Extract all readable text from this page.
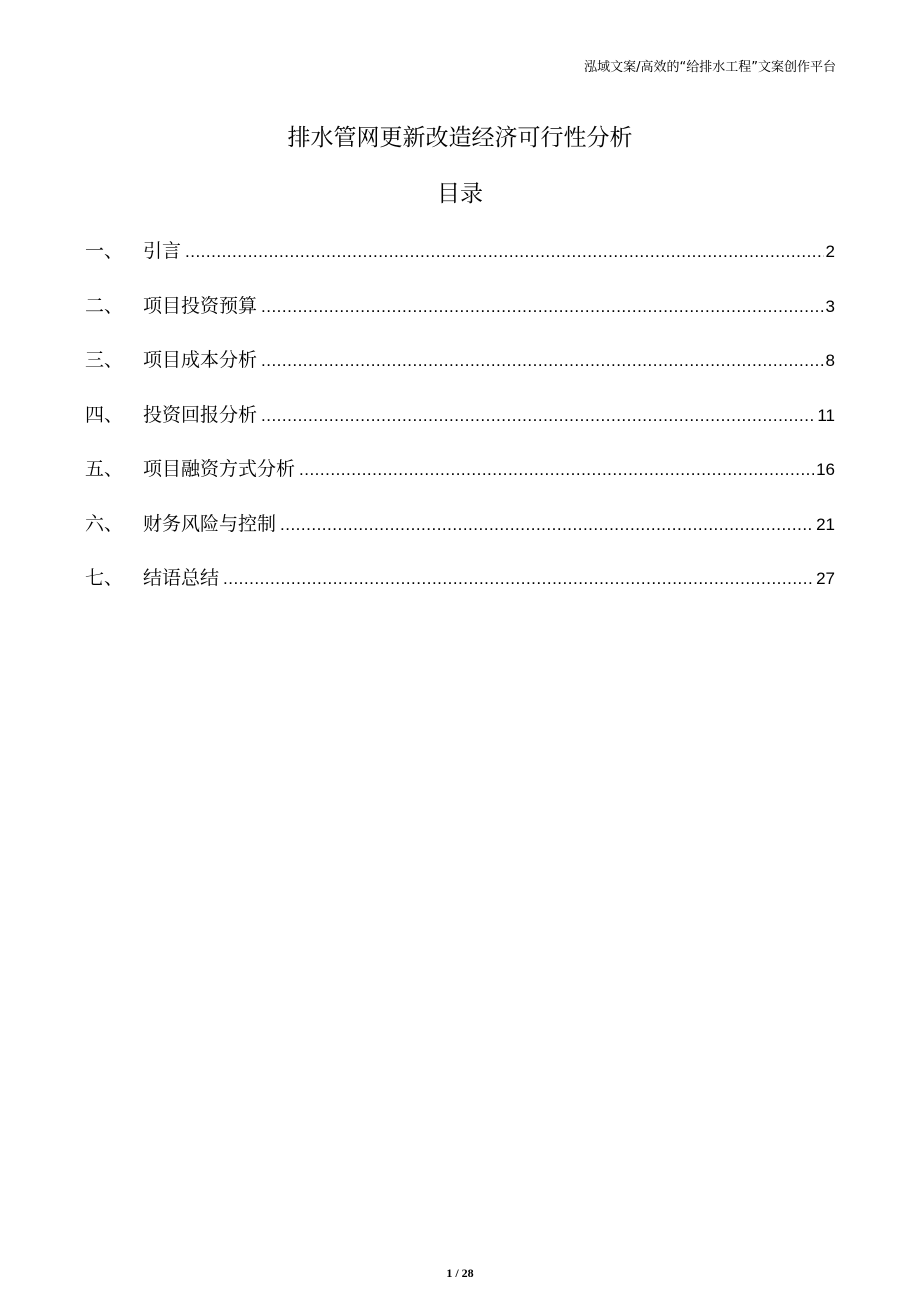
泓域文案/高效的“给排水工程”文案创作平台
排水管网更新改造经济可行性分析
目录
一、	引言 .....	2
二、	项目投资预算 .....	3
三、	项目成本分析 .....	8
四、	投资回报分析 .....	11
五、	项目融资方式分析 .....	16
六、	财务风险与控制 .....	21
七、	结语总结 .....	27
1 / 28
